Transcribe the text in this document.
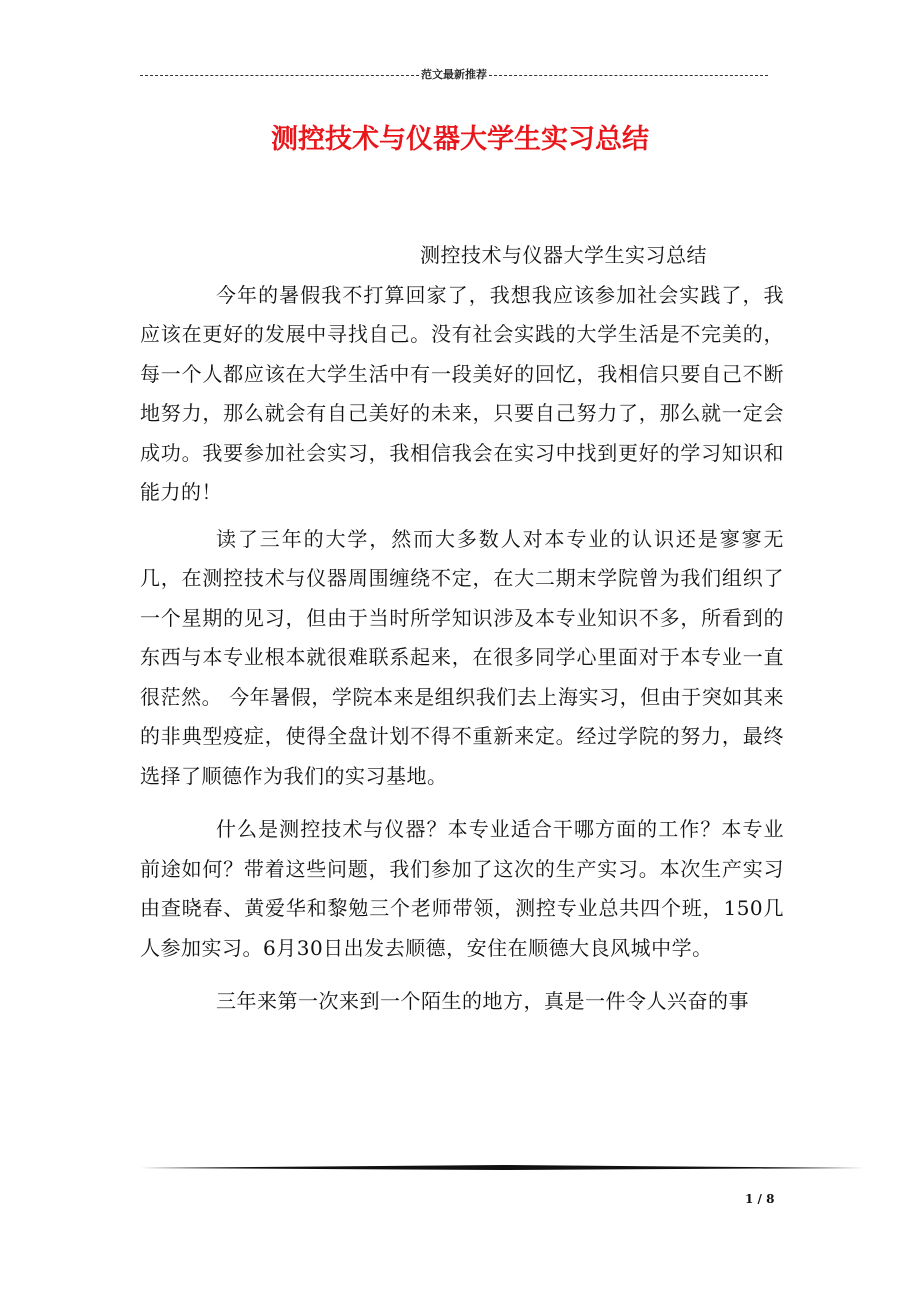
范文最新推荐
测控技术与仪器大学生实习总结

测控技术与仪器大学生实习总结

今年的暑假我不打算回家了，我想我应该参加社会实践了，我应该在更好的发展中寻找自己。没有社会实践的大学生活是不完美的，每一个人都应该在大学生活中有一段美好的回忆，我相信只要自己不断地努力，那么就会有自己美好的未来，只要自己努力了，那么就一定会成功。我要参加社会实习，我相信我会在实习中找到更好的学习知识和能力的！

读了三年的大学，然而大多数人对本专业的认识还是寥寥无几，在测控技术与仪器周围缠绕不定，在大二期末学院曾为我们组织了一个星期的见习，但由于当时所学知识涉及本专业知识不多，所看到的东西与本专业根本就很难联系起来，在很多同学心里面对于本专业一直很茫然。 今年暑假，学院本来是组织我们去上海实习，但由于突如其来的非典型疫症，使得全盘计划不得不重新来定。经过学院的努力，最终选择了顺德作为我们的实习基地。

什么是测控技术与仪器？本专业适合干哪方面的工作？本专业前途如何？带着这些问题，我们参加了这次的生产实习。本次生产实习由查晓春、黄爱华和黎勉三个老师带领，测控专业总共四个班，150几人参加实习。6月30日出发去顺德，安住在顺德大良风城中学。

三年来第一次来到一个陌生的地方，真是一件令人兴奋的事

1 / 8
